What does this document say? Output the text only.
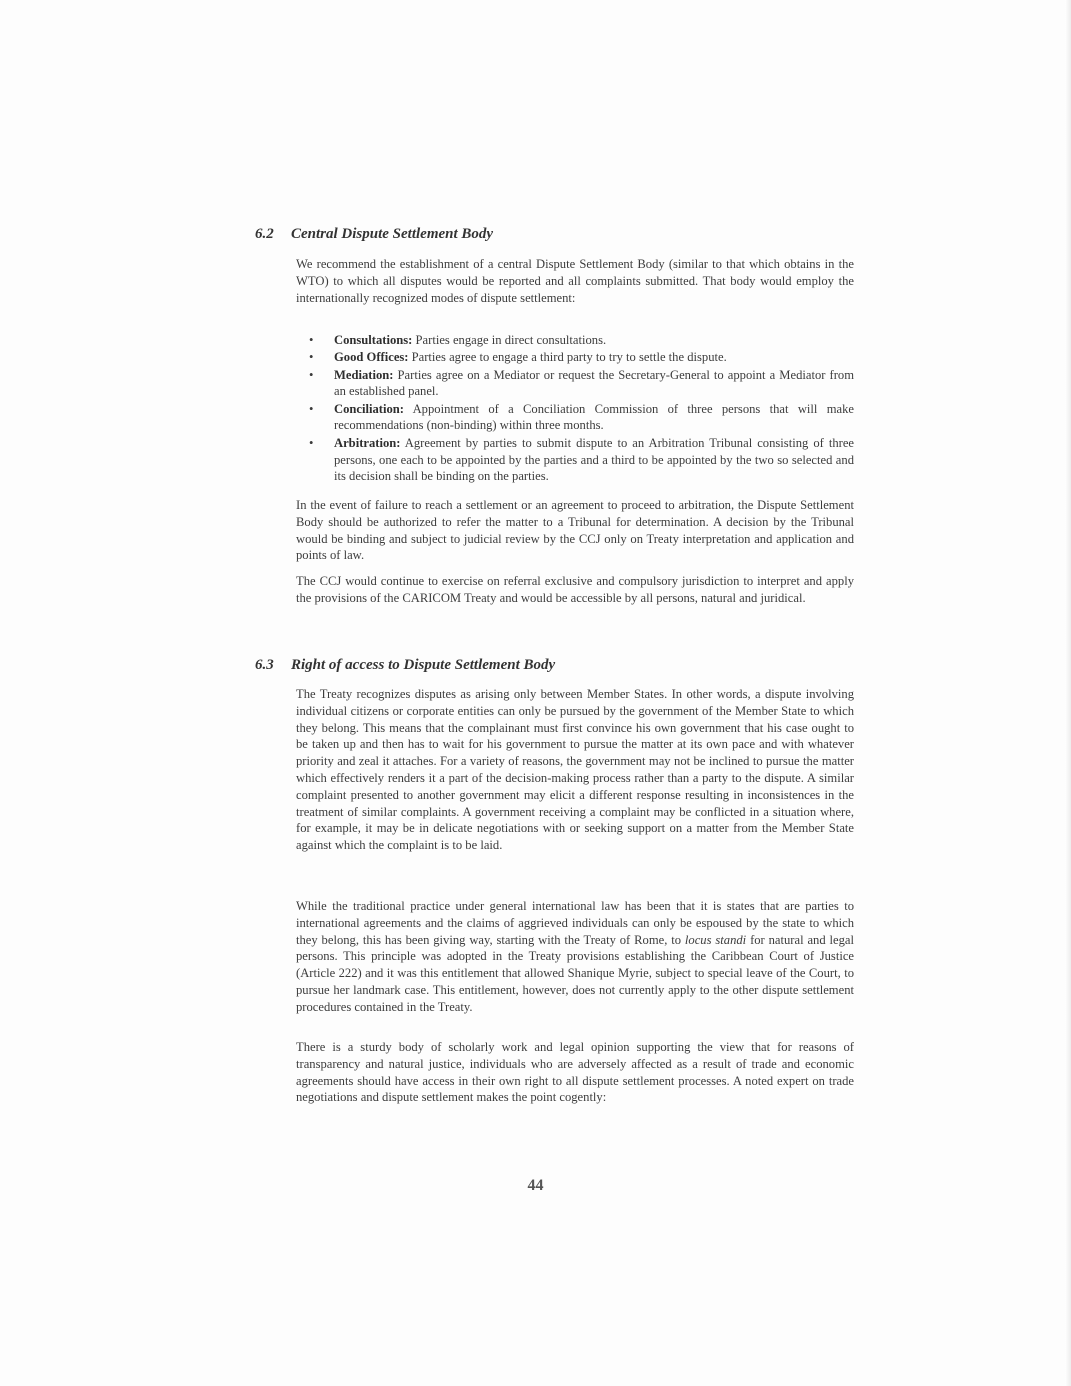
6.2 Central Dispute Settlement Body

We recommend the establishment of a central Dispute Settlement Body (similar to that which obtains in the WTO) to which all disputes would be reported and all complaints submitted. That body would employ the internationally recognized modes of dispute settlement:

• Consultations: Parties engage in direct consultations.
• Good Offices: Parties agree to engage a third party to try to settle the dispute.
• Mediation: Parties agree on a Mediator or request the Secretary-General to appoint a Mediator from an established panel.
• Conciliation: Appointment of a Conciliation Commission of three persons that will make recommendations (non-binding) within three months.
• Arbitration: Agreement by parties to submit dispute to an Arbitration Tribunal consisting of three persons, one each to be appointed by the parties and a third to be appointed by the two so selected and its decision shall be binding on the parties.

In the event of failure to reach a settlement or an agreement to proceed to arbitration, the Dispute Settlement Body should be authorized to refer the matter to a Tribunal for determination. A decision by the Tribunal would be binding and subject to judicial review by the CCJ only on Treaty interpretation and application and points of law.

The CCJ would continue to exercise on referral exclusive and compulsory jurisdiction to interpret and apply the provisions of the CARICOM Treaty and would be accessible by all persons, natural and juridical.

6.3 Right of access to Dispute Settlement Body

The Treaty recognizes disputes as arising only between Member States. In other words, a dispute involving individual citizens or corporate entities can only be pursued by the government of the Member State to which they belong. This means that the complainant must first convince his own government that his case ought to be taken up and then has to wait for his government to pursue the matter at its own pace and with whatever priority and zeal it attaches. For a variety of reasons, the government may not be inclined to pursue the matter which effectively renders it a part of the decision-making process rather than a party to the dispute. A similar complaint presented to another government may elicit a different response resulting in inconsistences in the treatment of similar complaints. A government receiving a complaint may be conflicted in a situation where, for example, it may be in delicate negotiations with or seeking support on a matter from the Member State against which the complaint is to be laid.

While the traditional practice under general international law has been that it is states that are parties to international agreements and the claims of aggrieved individuals can only be espoused by the state to which they belong, this has been giving way, starting with the Treaty of Rome, to locus standi for natural and legal persons. This principle was adopted in the Treaty provisions establishing the Caribbean Court of Justice (Article 222) and it was this entitlement that allowed Shanique Myrie, subject to special leave of the Court, to pursue her landmark case. This entitlement, however, does not currently apply to the other dispute settlement procedures contained in the Treaty.

There is a sturdy body of scholarly work and legal opinion supporting the view that for reasons of transparency and natural justice, individuals who are adversely affected as a result of trade and economic agreements should have access in their own right to all dispute settlement processes. A noted expert on trade negotiations and dispute settlement makes the point cogently:

44
